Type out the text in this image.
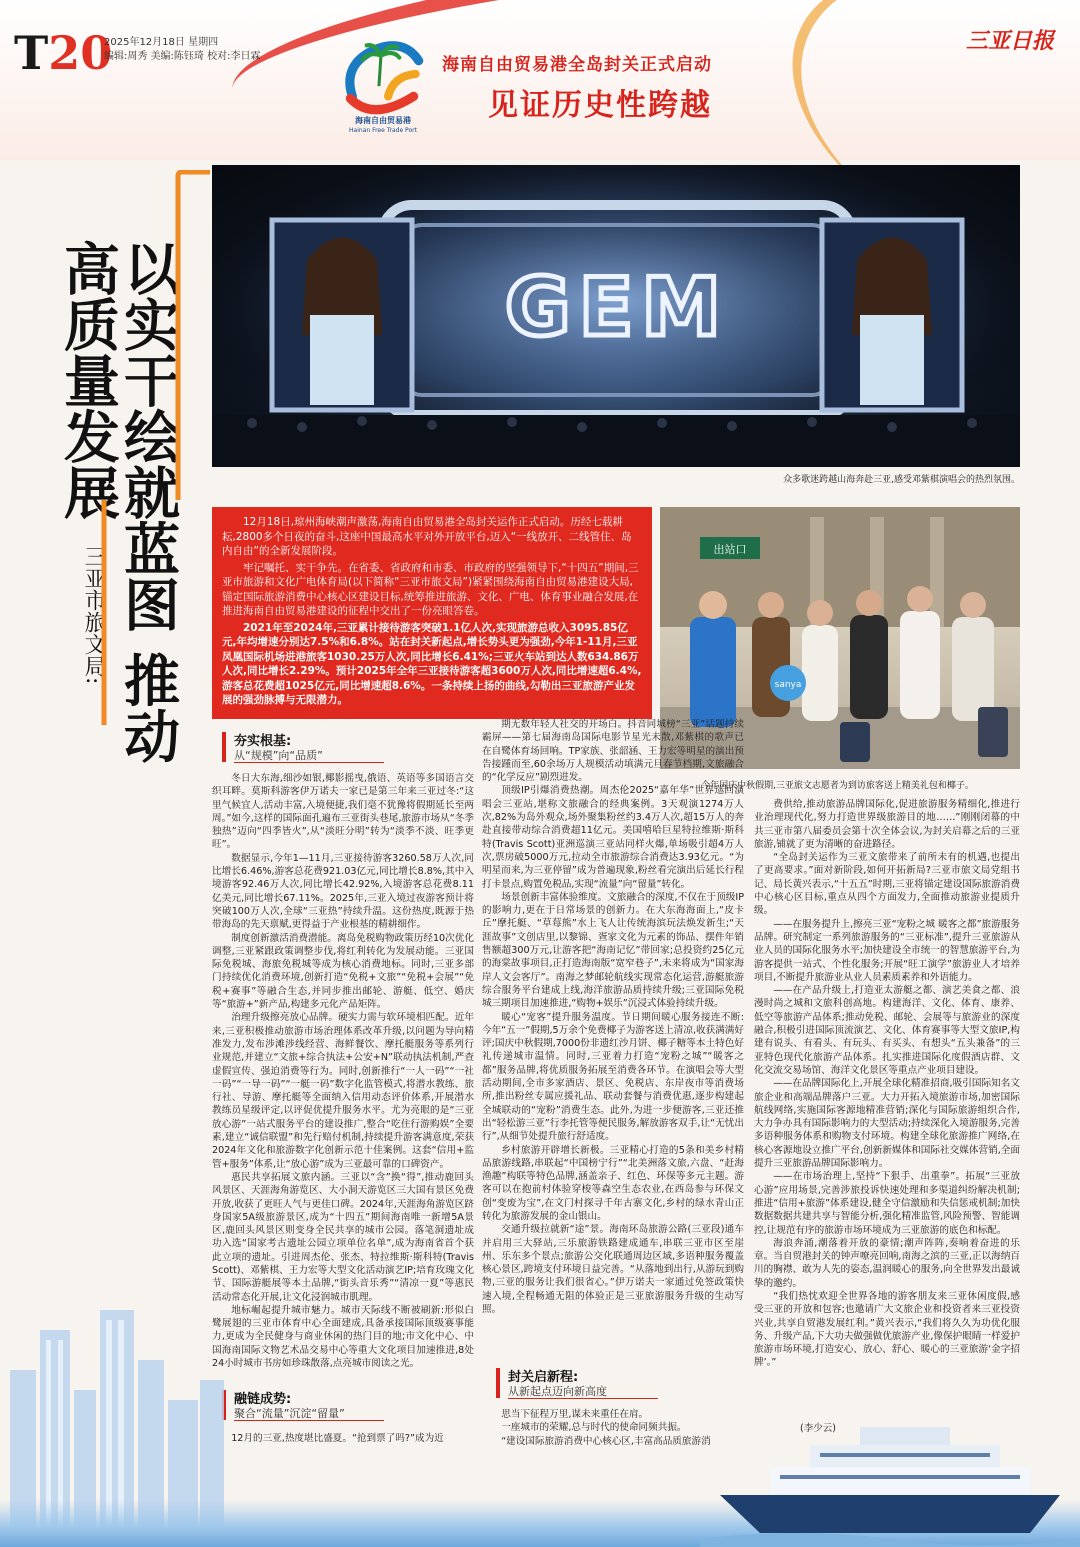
T20
2025年12月18日 星期四
编辑:周秀 美编:陈钰琦 校对:李日霖
海南自由贸易港
Hainan Free Trade Port
海南自由贸易港全岛封关正式启动
见证历史性跨越
三亚日报
以实干绘就蓝图 推动高质量发展
三亚市旅文局:
GEM
众多歌迷跨越山海奔赴三亚,感受邓紫棋演唱会的热烈氛围。

12月18日,琼州海峡潮声激荡,海南自由贸易港全岛封关运作正式启动。历经七载耕耘,2800多个日夜的奋斗,这座中国最高水平对外开放平台,迈入“一线放开、二线管住、岛内自由”的全新发展阶段。

牢记嘱托、实干争先。在省委、省政府和市委、市政府的坚强领导下,“十四五”期间,三亚市旅游和文化广电体育局(以下简称“三亚市旅文局”)紧紧围绕海南自由贸易港建设大局,锚定国际旅游消费中心核心区建设目标,统筹推进旅游、文化、广电、体育事业融合发展,在推进海南自由贸易港建设的征程中交出了一份亮眼答卷。

2021年至2024年,三亚累计接待游客突破1.1亿人次,实现旅游总收入3095.85亿元,年均增速分别达7.5%和6.8%。站在封关新起点,增长势头更为强劲,今年1-11月,三亚凤凰国际机场进港旅客1030.25万人次,同比增长6.41%;三亚火车站到达人数634.86万人次,同比增长2.29%。预计2025年全年三亚接待游客超3600万人次,同比增速超6.4%,游客总花费超1025亿元,同比增速超8.6%。一条持续上扬的曲线,勾勒出三亚旅游产业发展的强劲脉搏与无限潜力。

出站口
sanya
今年国庆中秋假期,三亚旅文志愿者为到访旅客送上精美礼包和椰子。
夯实根基:
从“规模”向“品质”

冬日大东海,细沙如银,椰影摇曳,俄语、英语等多国语言交织耳畔。莫斯科游客伊万诺夫一家已是第三年来三亚过冬:“这里气候宜人,活动丰富,入境便捷,我们毫不犹豫将假期延长至两周。”如今,这样的国际面孔遍布三亚街头巷尾,旅游市场从“冬季独热”迈向“四季皆火”,从“淡旺分明”转为“淡季不淡、旺季更旺”。

数据显示,今年1—11月,三亚接待游客3260.58万人次,同比增长6.46%,游客总花费921.03亿元,同比增长8.8%,其中入境游客92.46万人次,同比增长42.92%,入境游客总花费8.11亿美元,同比增长67.11%。2025年,三亚入境过夜游客预计将突破100万人次,全球“三亚热”持续升温。这份热度,既源于热带海岛的先天禀赋,更得益于产业根基的精耕细作。

制度创新激活消费潜能。离岛免税购物政策历经10次优化调整,三亚紧跟政策调整步伐,将红利转化为发展动能。三亚国际免税城、海旅免税城等成为核心消费地标。同时,三亚多部门持续优化消费环境,创新打造“免税+文旅”“免税+会展”“免税+赛事”等融合生态,并同步推出邮轮、游艇、低空、婚庆等“旅游+”新产品,构建多元化产品矩阵。

治理升级擦亮放心品牌。硬实力需与软环境相匹配。近年来,三亚积极推动旅游市场治理体系改革升级,以问题为导向精准发力,发布涉滩涉线经营、海鲜餐饮、摩托艇服务等系列行业规范,并建立“文旅+综合执法+公安+N”联动执法机制,严查虚假宣传、强迫消费等行为。同时,创新推行“一人一码”“一社一码”“一导一码”“一艇一码”数字化监管模式,将潜水教练、旅行社、导游、摩托艇等全面纳入信用动态评价体系,开展潜水教练员星级评定,以评促优提升服务水平。尤为亮眼的是“三亚放心游”一站式服务平台的建设推广,整合“吃住行游购娱”全要素,建立“诚信联盟”和先行赔付机制,持续提升游客满意度,荣获2024年文化和旅游数字化创新示范十佳案例。这套“信用+监管+服务”体系,让“放心游”成为三亚最可靠的口碑资产。

惠民共享拓展文旅内涵。三亚以“含”换“得”,推动鹿回头风景区、天涯海角游览区、大小洞天游览区三大国有景区免费开放,收获了更旺人气与更佳口碑。2024年,天涯海角游览区跻身国家5A级旅游景区,成为“十四五”期间海南唯一新增5A景区,鹿回头风景区则变身全民共享的城市公园。落笔洞遗址成功入选“国家考古遗址公园立项单位名单”,成为海南省首个获此立项的遗址。引进周杰伦、张杰、特拉维斯·斯科特(Travis Scott)、邓紫棋、王力宏等大型文化活动演艺IP;培育玫瑰文化节、国际游艇展等本土品牌,“街头音乐秀”“清凉一夏”等惠民活动常态化开展,让文化浸润城市肌理。

地标崛起提升城市魅力。城市天际线不断被刷新:形似白鹭展翅的三亚市体育中心全面建成,具备承接国际顶级赛事能力,更成为全民健身与商业休闲的热门目的地;市文化中心、中国海南国际文物艺术品交易中心等重大文化项目加速推进,8处24小时城市书房如珍珠散落,点亮城市阅读之光。

融链成势:
聚合“流量”沉淀“留量”

12月的三亚,热度堪比盛夏。“抢到票了吗?”成为近

期无数年轻人社交的开场白。抖音同城榜“三亚”话题持续霸屏——第七届海南岛国际电影节星光未散,邓紫棋的歌声已在自鹭体育场回响。TP家族、张韶涵、王力宏等明星的演出预告接踵而至,60余场万人规模活动填满元旦春节档期,文旅融合的“化学反应”剧烈进发。

顶级IP引爆消费热潮。周杰伦2025“嘉年华”世界巡回演唱会三亚站,堪称文旅融合的经典案例。3天观演1274万人次,82%为岛外观众,场外聚集粉丝约3.4万人次,超15万人的奔赴直接带动综合消费超11亿元。美国嘻哈巨星特拉维斯·斯科特(Travis Scott)亚洲巡演三亚站同样火爆,单场吸引超4万人次,票房破5000万元,拉动全市旅游综合消费达3.93亿元。“为明星而来,为三亚停留”成为普遍现象,粉丝看完演出后延长行程打卡景点,购置免税品,实现“流量”向“留量”转化。

场景创新丰富体验维度。文旅融合的深度,不仅在于顶级IP的影响力,更在于日常场景的创新力。在大东海海面上,“皮卡丘”摩托艇、“草莓熊”水上飞人让传统海滨玩法焕发新生;“天涯故事”文创店里,以黎锦、疍家文化为元素的饰品、摆件年销售额超300万元,让游客把“海南记忆”带回家;总投资约25亿元的海棠故事项目,正打造海南版“宽窄巷子”,未来将成为“国家海岸人文会客厅”。南海之梦邮轮航线实现常态化运营,游艇旅游综合服务平台建成上线,海洋旅游品质持续升级;三亚国际免税城三期项目加速推进,“购物+娱乐”沉浸式体验持续升级。

暖心“宠客”提升服务温度。节日期间暖心服务接连不断:今年“五一”假期,5万余个免费椰子为游客送上清凉,收获满满好评;国庆中秋假期,7000份非遗红沙月饼、椰子糖等本土特色好礼传递城市温情。同时,三亚着力打造“宠粉之城”“暖客之都”服务品牌,将优质服务拓展至消费各环节。在演唱会等大型活动期间,全市多家酒店、景区、免税店、东岸夜市等消费场所,推出粉丝专属应援礼品、联动套餐与消费优惠,逐步构建起全城联动的“宠粉”消费生态。此外,为进一步便游客,三亚还推出“轻松游三亚”行李托管等便民服务,解放游客双手,让“无忧出行”,从细节处提升旅行舒适度。

乡村旅游开辟增长新极。三亚精心打造的5条和美乡村精品旅游线路,串联起“中国榜宁行”“北美洲落文旅,六盘、“赶海渔趣”构联等特色品牌,涵盖亲子、红色、环保等多元主题。游客可以在抱前村体验穿梭等森空生态农业,在西岛参与环保文创“变废为宝”,在文门村探寻千年古寨文化,乡村的绿水青山正转化为旅游发展的金山银山。

交通升级拉就新“途”景。海南环岛旅游公路(三亚段)通车并启用三大驿站,三乐旅游铁路建成通车,串联三亚市区至崖州、乐东多个景点;旅游公交化联通周边区域,多语种服务覆盖核心景区,跨境支付环境日益完善。“从落地到出行,从游玩到购物,三亚的服务让我们很省心。”伊万诺夫一家通过免签政策快速入境,全程畅通无阻的体验正是三亚旅游服务升级的生动写照。

封关启新程:
从新起点迈向新高度

思当下征程万里,谋未来重任在肩。

一座城市的荣耀,总与时代的使命同频共振。

“建设国际旅游消费中心核心区,丰富高品质旅游消

费供给,推动旅游品牌国际化,促进旅游服务精细化,推进行业治理现代化,努力打造世界级旅游目的地……”刚刚闭幕的中共三亚市第八届委员会第十次全体会议,为封关启幕之后的三亚旅游,铺就了更为清晰的奋进路径。

“全岛封关运作为三亚文旅带来了前所未有的机遇,也提出了更高要求。”面对新阶段,如何开拓新局?三亚市旅文局党组书记、局长黄兴表示,“十五五”时期,三亚将锚定建设国际旅游消费中心核心区目标,重点从四个方面发力,全面推动旅游业提质升级。

——在服务提升上,擦亮三亚“宠粉之城 暖客之都”旅游服务品牌。研究制定一系列旅游服务的“三亚标准”,提升三亚旅游从业人员的国际化服务水平;加快建设全市统一的智慧旅游平台,为游客提供一站式、个性化服务;开展“旺工演学”旅游业人才培养项目,不断提升旅游业从业人员素质素养和外语能力。

——在产品升级上,打造亚太游艇之都、演艺美食之都、浪漫时尚之城和文旅科创高地。构建海洋、文化、体育、康养、低空等旅游产品体系;推动免税、邮轮、会展等与旅游业的深度融合,积极引进国际顶流演艺、文化、体育赛事等大型文旅IP,构建有说头、有看头、有玩头、有买头、有想头“五头兼备”的三亚特色现代化旅游产品体系。扎实推进国际化度假酒店群、文化交流交易场馆、海洋文化景区等重点产业项目建设。

——在品牌国际化上,开展全球化精准招商,吸引国际知名文旅企业和高端品牌落户三亚。大力开拓入境旅游市场,加密国际航线网络,实施国际客源地精准营销;深化与国际旅游组织合作,大力争办具有国际影响力的大型活动;持续深化入境游服务,完善多语种服务体系和购物支付环境。构建全球化旅游推广网络,在核心客源地设立推广平台,创新新媒体和国际社交媒体营销,全面提升三亚旅游品牌国际影响力。

——在市场治理上,坚持“下狠手、出重拳”。拓展“三亚放心游”应用场景,完善涉旅投诉快速处理和多渠道纠纷解决机制;推进“信用+旅游”体系建设,健全守信激励和失信惩戒机制;加快数据数据共建共享与智能分析,强化精准监管,风险预警、智能调控,让规范有序的旅游市场环境成为三亚旅游的底色和标配。

海浪奔涌,潮落着开放的豪情;潮声阵阵,奏响着奋进的乐章。当自贸港封关的钟声嘹亮回响,南海之滨的三亚,正以海纳百川的胸襟、敢为人先的姿态,温润暖心的服务,向全世界发出最诚挚的邀约。

“我们热忱欢迎全世界各地的游客朋友来三亚休闲度假,感受三亚的开放和包容;也邀请广大文旅企业和投资者来三亚投资兴业,共享自贸港发展红利。”黄兴表示,“我们将久久为功优化服务、升级产品,下大功夫做强做优旅游产业,像保护眼睛一样爱护旅游市场环境,打造安心、放心、舒心、暖心的三亚旅游‘金字招牌’。”

(李少云)
